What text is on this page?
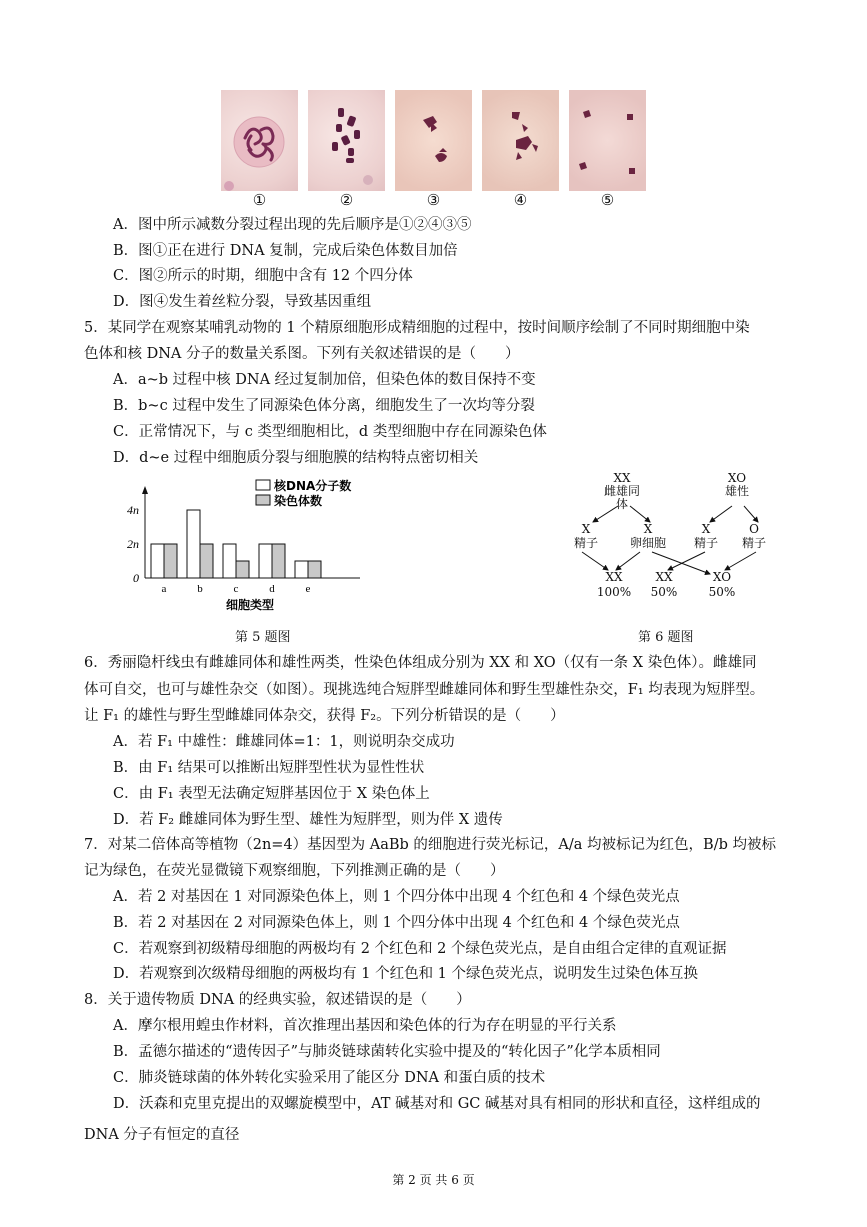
①	②	③	④	⑤
A．图中所示减数分裂过程出现的先后顺序是①②④③⑤
B．图①正在进行 DNA 复制，完成后染色体数目加倍
C．图②所示的时期，细胞中含有 12 个四分体
D．图④发生着丝粒分裂，导致基因重组
5．某同学在观察某哺乳动物的 1 个精原细胞形成精细胞的过程中，按时间顺序绘制了不同时期细胞中染
色体和核 DNA 分子的数量关系图。下列有关叙述错误的是（　　）
A．a~b 过程中核 DNA 经过复制加倍，但染色体的数目保持不变
B．b~c 过程中发生了同源染色体分离，细胞发生了一次均等分裂
C．正常情况下，与 c 类型细胞相比，d 类型细胞中存在同源染色体
D．d~e 过程中细胞质分裂与细胞膜的结构特点密切相关
0
2n
4n
a	b	c	d	e
细胞类型
核DNA分子数
染色体数
第 5 题图
XX
雌雄同体
XO
雄性
X
精子
X
卵细胞
X
精子
O
精子
XX
100%
XX
50%
XO
50%
第 6 题图
6．秀丽隐杆线虫有雌雄同体和雄性两类，性染色体组成分别为 XX 和 XO（仅有一条 X 染色体）。雌雄同
体可自交，也可与雄性杂交（如图）。现挑选纯合短胖型雌雄同体和野生型雄性杂交，F₁ 均表现为短胖型。
让 F₁ 的雄性与野生型雌雄同体杂交，获得 F₂。下列分析错误的是（　　）
A．若 F₁ 中雄性：雌雄同体=1：1，则说明杂交成功
B．由 F₁ 结果可以推断出短胖型性状为显性性状
C．由 F₁ 表型无法确定短胖基因位于 X 染色体上
D．若 F₂ 雌雄同体为野生型、雄性为短胖型，则为伴 X 遗传
7．对某二倍体高等植物（2n=4）基因型为 AaBb 的细胞进行荧光标记，A/a 均被标记为红色，B/b 均被标
记为绿色，在荧光显微镜下观察细胞，下列推测正确的是（　　）
A．若 2 对基因在 1 对同源染色体上，则 1 个四分体中出现 4 个红色和 4 个绿色荧光点
B．若 2 对基因在 2 对同源染色体上，则 1 个四分体中出现 4 个红色和 4 个绿色荧光点
C．若观察到初级精母细胞的两极均有 2 个红色和 2 个绿色荧光点，是自由组合定律的直观证据
D．若观察到次级精母细胞的两极均有 1 个红色和 1 个绿色荧光点，说明发生过染色体互换
8．关于遗传物质 DNA 的经典实验，叙述错误的是（　　）
A．摩尔根用蝗虫作材料，首次推理出基因和染色体的行为存在明显的平行关系
B．孟德尔描述的“遗传因子”与肺炎链球菌转化实验中提及的“转化因子”化学本质相同
C．肺炎链球菌的体外转化实验采用了能区分 DNA 和蛋白质的技术
D．沃森和克里克提出的双螺旋模型中，AT 碱基对和 GC 碱基对具有相同的形状和直径，这样组成的
DNA 分子有恒定的直径
第 2 页 共 6 页
